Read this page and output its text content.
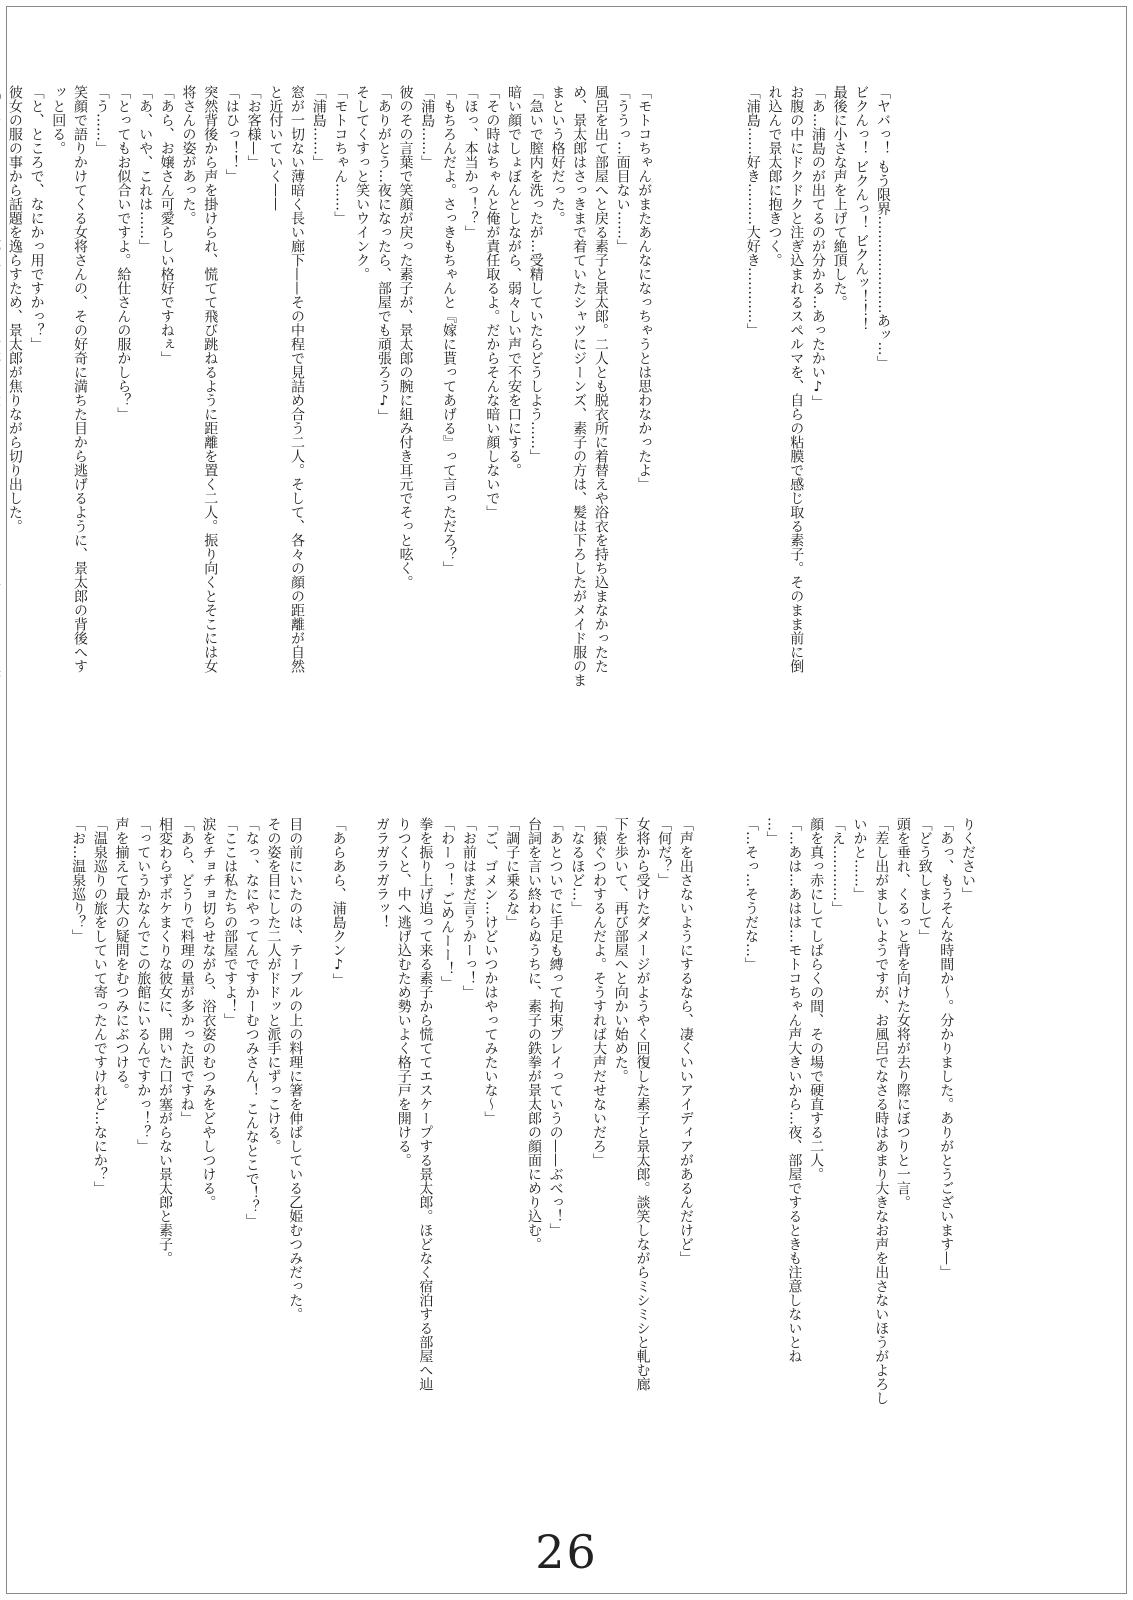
「ヤバっ！ もう限界…………………あッ…」

ビクんっ！ ビクんっ！ ビクんッ！！！

最後に小さな声を上げて絶頂した。

「あ…浦島のが出てるのが分かる…あったかい♪」

お腹の中にドクドクと注ぎ込まれるスペルマを、自らの粘膜で感じ取る素子。そのまま前に倒

れ込んで景太郎に抱きつく。

「浦島……好き………大好き…………」

「モトコちゃんがまたあんなになっちゃうとは思わなかったよ」

「ううっ…面目ない……」

風呂を出て部屋へと戻る素子と景太郎。二人とも脱衣所に着替えや浴衣を持ち込まなかったた

め、景太郎はさっきまで着ていたシャツにジーンズ、素子の方は、髪は下ろしたがメイド服のま

まという格好だった。

「急いで膣内を洗ったが…受精していたらどうしよう……」

暗い顔でしょぼんとしながら、弱々しい声で不安を口にする。

「その時はちゃんと俺が責任取るよ。だからそんな暗い顔しないで」

「ほっ、本当かっ！？」

「もちろんだよ。さっきもちゃんと『嫁に貰ってあげる』って言っただろ？」

「浦島……」

彼のその言葉で笑顔が戻った素子が、景太郎の腕に組み付き耳元でそっと呟く。

「ありがとう…夜になったら、部屋でも頑張ろう♪」

そしてくすっと笑いウインク。

「モトコちゃん……」

「浦島……」

窓が一切ない薄暗く長い廊下——その中程で見詰め合う二人。そして、各々の顔の距離が自然

と近付いていく——

「お客様—」

「はひっ！！」

突然背後から声を掛けられ、慌てて飛び跳ねるように距離を置く二人。振り向くとそこには女

将さんの姿があった。

「あら、お嬢さん可愛らしい格好ですねぇ」

「あ、いや、これは……」

「とってもお似合いですよ。給仕さんの服かしら？」

「う……」

笑顔で語りかけてくる女将さんの、その好奇に満ちた目から逃げるように、景太郎の背後へす

ッと回る。

「と、ところで、なにかっ用ですかっ？」

彼女の服の事から話題を逸らすため、景太郎が焦りながら切り出した。

りください」

「あっ、もうそんな時間か～。分かりました。ありがとうございます—」

「どう致しまして」

頭を垂れ、くるっと背を向けた女将が去り際にぼつりと一言。

「差し出がましいようですが、お風呂でなさる時はあまり大きなお声を出さないほうがよろし

いかと……」

「え…………」

顔を真っ赤にしてしばらくの間、その場で硬直する二人。

「…あは…あはは…モトコちゃん声大きいから…夜、部屋でするときも注意しないとね

…」

「…そっ…そうだな…」

「声を出さないようにするなら、凄くいいアイディアがあるんだけど」

「何だ？」

女将から受けたダメージがようやく回復した素子と景太郎。談笑しながらミシミシと軋む廊

下を歩いて、再び部屋へと向かい始めた。

「猿ぐつわするんだよ。そうすれば大声だせないだろ」

「なるほど…」

「あとついでに手足も縛って拘束プレイっていうの——ぶべっ！」

台詞を言い終わらぬうちに、素子の鉄拳が景太郎の顔面にめり込む。

「調子に乗るな」

「ご、ゴメン…けどいつかはやってみたいな～」

「お前はまだ言うかーっ！」

「わーっ！ ごめんーー！」

拳を振り上げ追って来る素子から慌ててエスケープする景太郎。ほどなく宿泊する部屋へ辿

りつくと、中へ逃げ込むため勢いよく格子戸を開ける。

ガラガラガラッ！

「あらあら、浦島クン♪」

目の前にいたのは、テーブルの上の料理に箸を伸ばしている乙姫むつみだった。

その姿を目にした二人がドドッと派手にずっこける。

「なっ、なにやってんですかーむつみさん！ こんなとこで！？」

「ここは私たちの部屋ですよ！」

涙をチョチョ切らせながら、浴衣姿のむつみをどやしつける。

「あら、どうりで料理の量が多かった訳ですね」

相変わらずボケまくりな彼女に、開いた口が塞がらない景太郎と素子。

「っていうかなんでこの旅館にいるんですかっ！？」

声を揃えて最大の疑問をむつみにぶつける。

「温泉巡りの旅をしていて寄ったんですけれど…なにか？」

「お…温泉巡り？」

26
